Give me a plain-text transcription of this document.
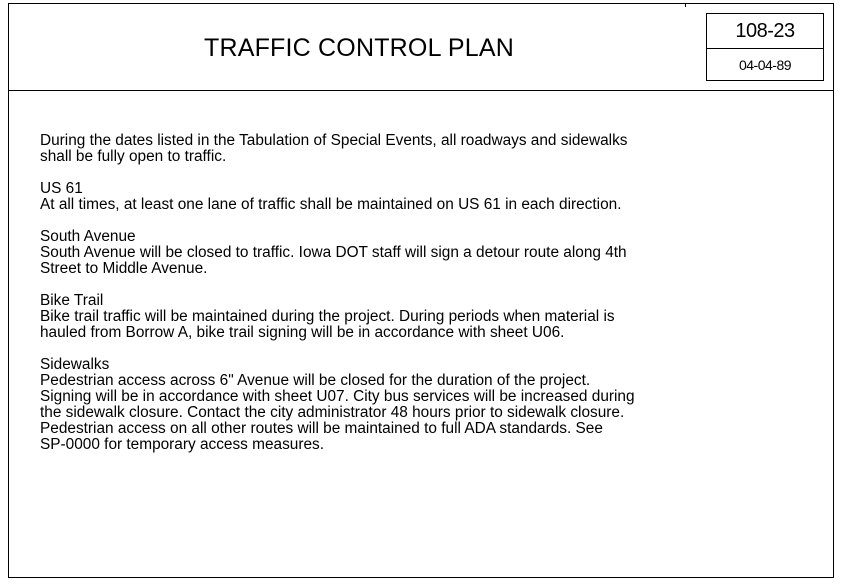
TRAFFIC CONTROL PLAN
108-23
04-04-89
During the dates listed in the Tabulation of Special Events, all roadways and sidewalks
shall be fully open to traffic.
US 61
At all times, at least one lane of traffic shall be maintained on US 61 in each direction.
South Avenue
South Avenue will be closed to traffic. Iowa DOT staff will sign a detour route along 4th
Street to Middle Avenue.
Bike Trail
Bike trail traffic will be maintained during the project. During periods when material is
hauled from Borrow A, bike trail signing will be in accordance with sheet U06.
Sidewalks
Pedestrian access across 6ʺ Avenue will be closed for the duration of the project.
Signing will be in accordance with sheet U07. City bus services will be increased during
the sidewalk closure. Contact the city administrator 48 hours prior to sidewalk closure.
Pedestrian access on all other routes will be maintained to full ADA standards. See
SP-0000 for temporary access measures.
